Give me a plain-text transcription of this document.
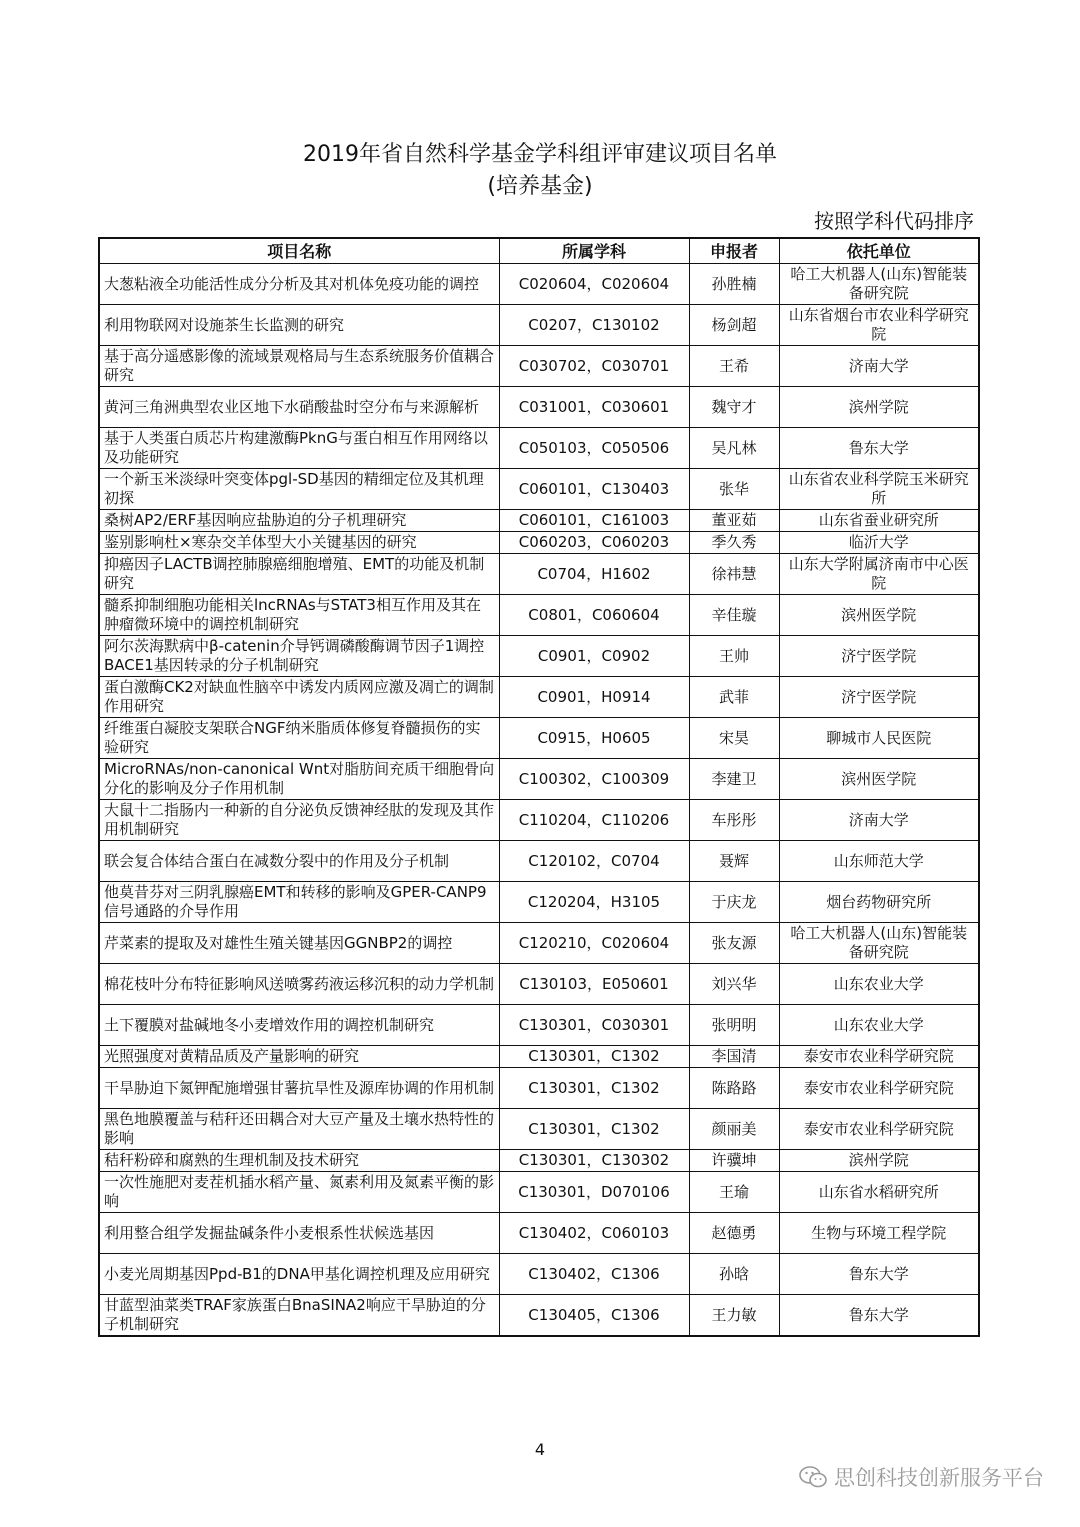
2019年省自然科学基金学科组评审建议项目名单
(培养基金)
按照学科代码排序
项目名称	所属学科	申报者	依托单位
大葱粘液全功能活性成分分析及其对机体免疫功能的调控	C020604，C020604	孙胜楠	哈工大机器人(山东)智能装备研究院
利用物联网对设施茶生长监测的研究	C0207，C130102	杨剑超	山东省烟台市农业科学研究院
基于高分遥感影像的流域景观格局与生态系统服务价值耦合研究	C030702，C030701	王希	济南大学
黄河三角洲典型农业区地下水硝酸盐时空分布与来源解析	C031001，C030601	魏守才	滨州学院
基于人类蛋白质芯片构建激酶PknG与蛋白相互作用网络以及功能研究	C050103，C050506	吴凡林	鲁东大学
一个新玉米淡绿叶突变体pgl-SD基因的精细定位及其机理初探	C060101，C130403	张华	山东省农业科学院玉米研究所
桑树AP2/ERF基因响应盐胁迫的分子机理研究	C060101，C161003	董亚茹	山东省蚕业研究所
鉴别影响杜×寒杂交羊体型大小关键基因的研究	C060203，C060203	季久秀	临沂大学
抑癌因子LACTB调控肺腺癌细胞增殖、EMT的功能及机制研究	C0704，H1602	徐祎慧	山东大学附属济南市中心医院
髓系抑制细胞功能相关lncRNAs与STAT3相互作用及其在肿瘤微环境中的调控机制研究	C0801，C060604	辛佳璇	滨州医学院
阿尔茨海默病中β-catenin介导钙调磷酸酶调节因子1调控BACE1基因转录的分子机制研究	C0901，C0902	王帅	济宁医学院
蛋白激酶CK2对缺血性脑卒中诱发内质网应激及凋亡的调制作用研究	C0901，H0914	武菲	济宁医学院
纤维蛋白凝胶支架联合NGF纳米脂质体修复脊髓损伤的实验研究	C0915，H0605	宋昊	聊城市人民医院
MicroRNAs/non-canonical Wnt对脂肪间充质干细胞骨向分化的影响及分子作用机制	C100302，C100309	李建卫	滨州医学院
大鼠十二指肠内一种新的自分泌负反馈神经肽的发现及其作用机制研究	C110204，C110206	车彤彤	济南大学
联会复合体结合蛋白在减数分裂中的作用及分子机制	C120102，C0704	聂辉	山东师范大学
他莫昔芬对三阴乳腺癌EMT和转移的影响及GPER-CANP9信号通路的介导作用	C120204，H3105	于庆龙	烟台药物研究所
芹菜素的提取及对雄性生殖关键基因GGNBP2的调控	C120210，C020604	张友源	哈工大机器人(山东)智能装备研究院
棉花枝叶分布特征影响风送喷雾药液运移沉积的动力学机制	C130103，E050601	刘兴华	山东农业大学
土下覆膜对盐碱地冬小麦增效作用的调控机制研究	C130301，C030301	张明明	山东农业大学
光照强度对黄精品质及产量影响的研究	C130301，C1302	李国清	泰安市农业科学研究院
干旱胁迫下氮钾配施增强甘薯抗旱性及源库协调的作用机制	C130301，C1302	陈路路	泰安市农业科学研究院
黑色地膜覆盖与秸秆还田耦合对大豆产量及土壤水热特性的影响	C130301，C1302	颜丽美	泰安市农业科学研究院
秸秆粉碎和腐熟的生理机制及技术研究	C130301，C130302	许骥坤	滨州学院
一次性施肥对麦茬机插水稻产量、氮素利用及氮素平衡的影响	C130301，D070106	王瑜	山东省水稻研究所
利用整合组学发掘盐碱条件小麦根系性状候选基因	C130402，C060103	赵德勇	生物与环境工程学院
小麦光周期基因Ppd-B1的DNA甲基化调控机理及应用研究	C130402，C1306	孙晗	鲁东大学
甘蓝型油菜类TRAF家族蛋白BnaSINA2响应干旱胁迫的分子机制研究	C130405，C1306	王力敏	鲁东大学
4
思创科技创新服务平台
